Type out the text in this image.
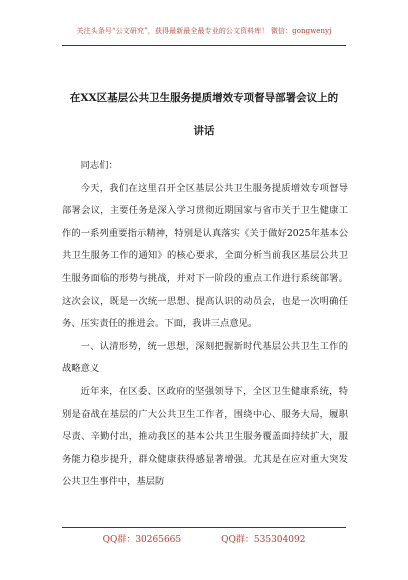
关注头条号“公文研究”，获得最新最全最专业的公文资料库！ 微信：gongwenyj
在XX区基层公共卫生服务提质增效专项督导部署会议上的
讲话

同志们：

今天，我们在这里召开全区基层公共卫生服务提质增效专项督导部署会议，主要任务是深入学习贯彻近期国家与省市关于卫生健康工作的一系列重要指示精神，特别是认真落实《关于做好2025年基本公共卫生服务工作的通知》的核心要求，全面分析当前我区基层公共卫生服务面临的形势与挑战，并对下一阶段的重点工作进行系统部署。这次会议，既是一次统一思想、提高认识的动员会，也是一次明确任务、压实责任的推进会。下面，我讲三点意见。

一、认清形势，统一思想，深刻把握新时代基层公共卫生工作的战略意义

近年来，在区委、区政府的坚强领导下，全区卫生健康系统，特别是奋战在基层的广大公共卫生工作者，围绕中心、服务大局，履职尽责、辛勤付出，推动我区的基本公共卫生服务覆盖面持续扩大，服务能力稳步提升，群众健康获得感显著增强。尤其是在应对重大突发公共卫生事件中，基层防

QQ群：30265665	QQ群：535304092
